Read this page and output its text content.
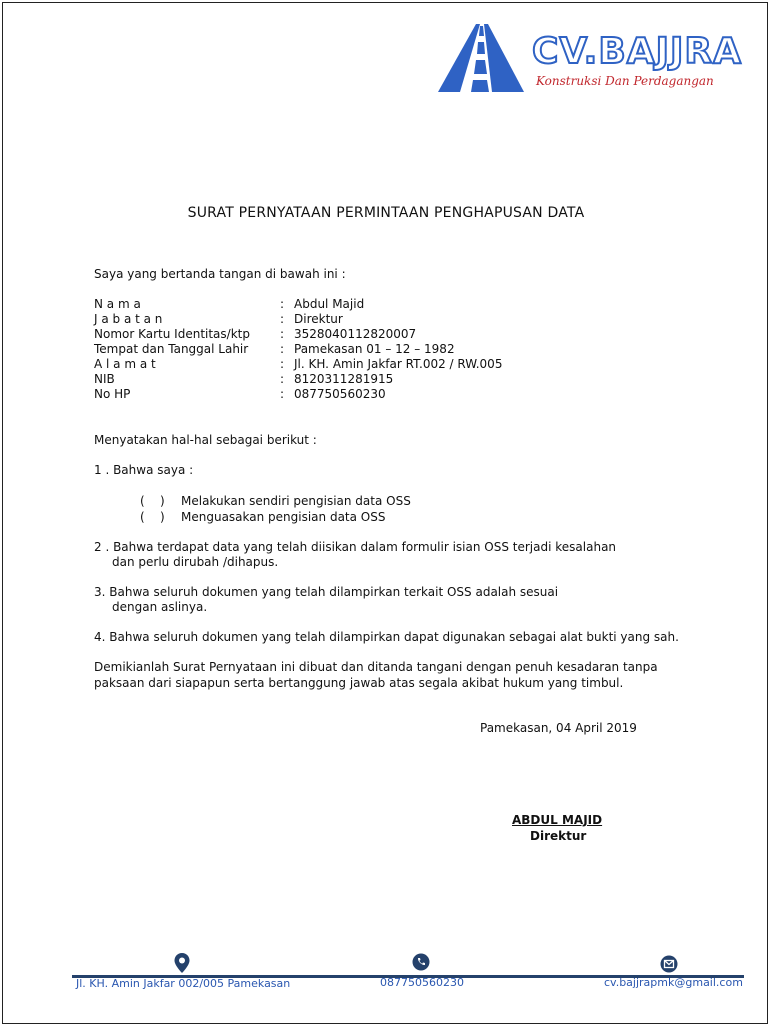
CV.BAJJRA
Konstruksi Dan Perdagangan
SURAT PERNYATAAN PERMINTAAN PENGHAPUSAN DATA
Saya yang bertanda tangan di bawah ini :
N a m a	: Abdul Majid
J a b a t a n	: Direktur
Nomor Kartu Identitas/ktp	: 3528040112820007
Tempat dan Tanggal Lahir	: Pamekasan 01 – 12 – 1982
A l a m a t	: Jl. KH. Amin Jakfar RT.002 / RW.005
NIB	: 8120311281915
No HP	: 087750560230
Menyatakan hal-hal sebagai berikut :
1 . Bahwa saya :
(    ) Melakukan sendiri pengisian data OSS
(    ) Menguasakan pengisian data OSS
2 . Bahwa terdapat data yang telah diisikan dalam formulir isian OSS terjadi kesalahan
dan perlu dirubah /dihapus.
3. Bahwa seluruh dokumen yang telah dilampirkan terkait OSS adalah sesuai
dengan aslinya.
4. Bahwa seluruh dokumen yang telah dilampirkan dapat digunakan sebagai alat bukti yang sah.
Demikianlah Surat Pernyataan ini dibuat dan ditanda tangani dengan penuh kesadaran tanpa
paksaan dari siapapun serta bertanggung jawab atas segala akibat hukum yang timbul.
Pamekasan, 04 April 2019
ABDUL MAJID
Direktur
Jl. KH. Amin Jakfar 002/005 Pamekasan	087750560230	cv.bajjrapmk@gmail.com
